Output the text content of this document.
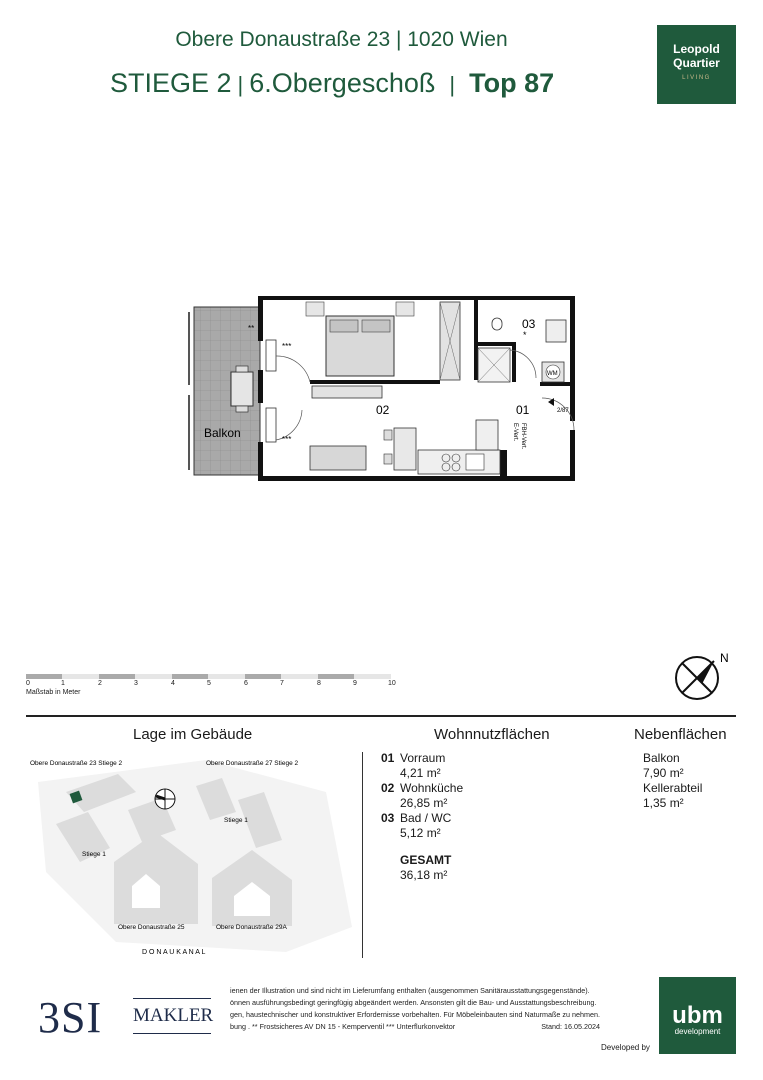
Obere Donaustraße 23 | 1020 Wien
STIEGE 2 | 6.Obergeschoß | Top 87
Leopold
Quartier
LIVING
03
02	01
Balkon
**
***
***
*
WM
2/87
FBH-Vert.
E-Vert.
N
0	1	2	3	4	5	6	7	8	9	10
Maßstab in Meter
Lage im Gebäude
Obere Donaustraße 23 Stiege 2	Obere Donaustraße 27 Stiege 2
Stiege 1
Stiege 1
Obere Donaustraße 25	Obere Donaustraße 29A
D O N A U K A N A L
Wohnnutzflächen
01 Vorraum
4,21 m²
02 Wohnküche
26,85 m²
03 Bad / WC
5,12 m²
GESAMT
36,18 m²
Nebenflächen
Balkon
7,90 m²
Kellerabteil
1,35 m²
3SI MAKLER
ienen der Illustration und sind nicht im Lieferumfang enthalten (ausgenommen Sanitärausstattungsgegenstände).
önnen ausführungsbedingt geringfügig abgeändert werden. Ansonsten gilt die Bau- und Ausstattungsbeschreibung.
gen, haustechnischer und konstruktiver Erfordernisse vorbehalten. Für Möbeleinbauten sind Naturmaße zu nehmen.
bung . ** Frostsicheres AV DN 15 - Kemperventil *** Unterflurkonvektor	Stand: 16.05.2024
Developed by
ubm
development
